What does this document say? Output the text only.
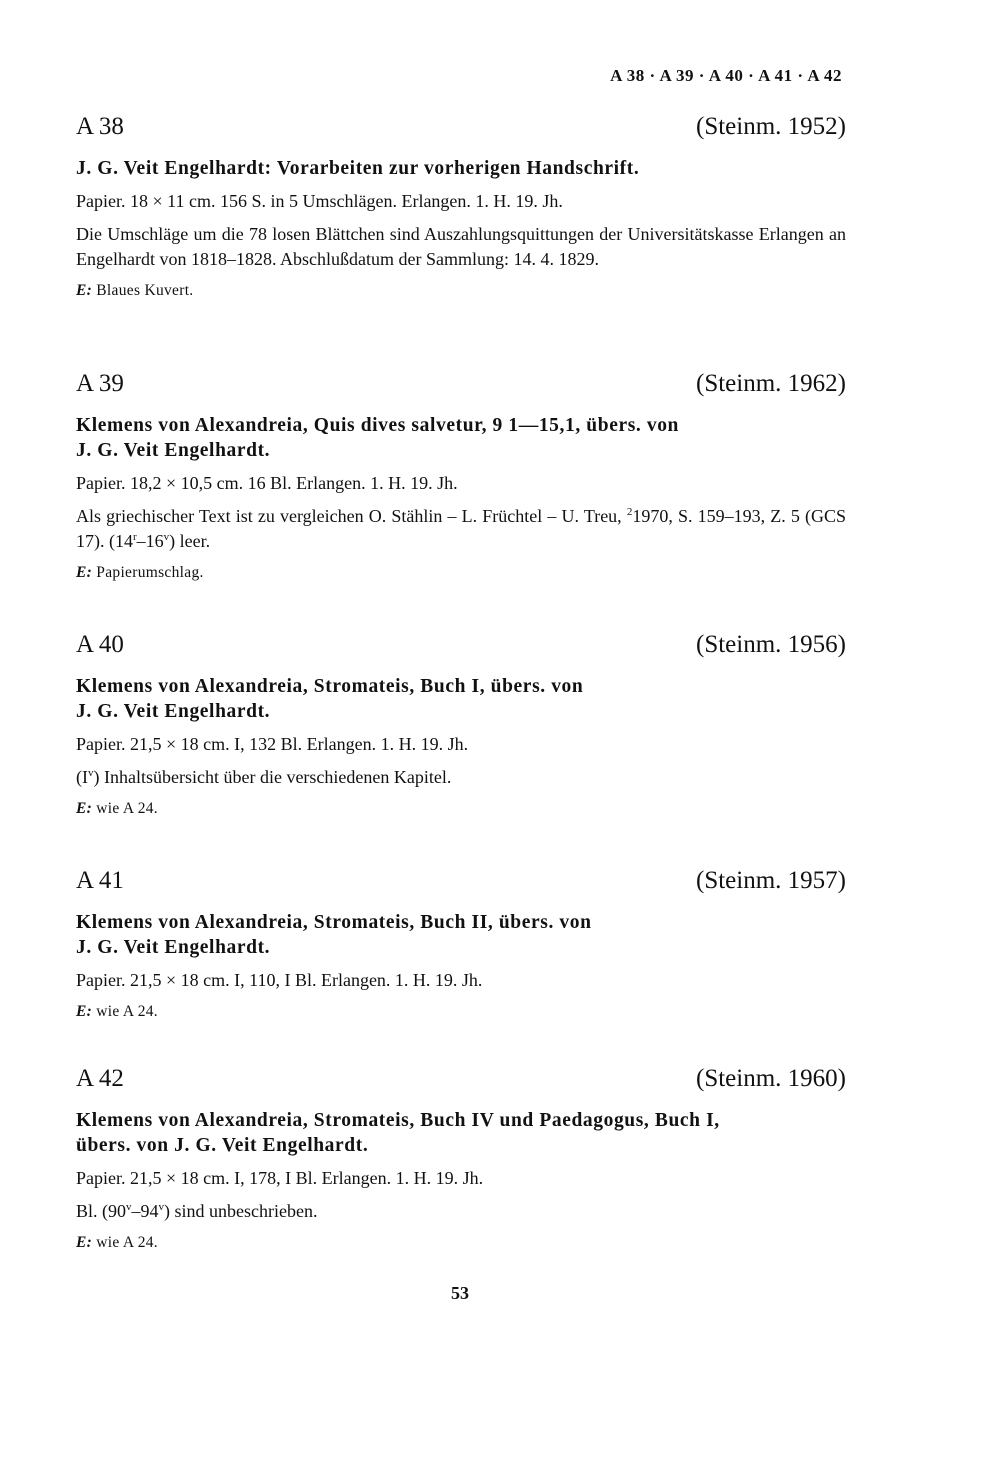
A 38 · A 39 · A 40 · A 41 · A 42
A 38	(Steinm. 1952)
J. G. Veit Engelhardt: Vorarbeiten zur vorherigen Handschrift.
Papier. 18 × 11 cm. 156 S. in 5 Umschlägen. Erlangen. 1. H. 19. Jh.
Die Umschläge um die 78 losen Blättchen sind Auszahlungsquittungen der Universitätskasse Erlangen an Engelhardt von 1818–1828. Abschlußdatum der Sammlung: 14. 4. 1829.
E: Blaues Kuvert.
A 39	(Steinm. 1962)
Klemens von Alexandreia, Quis dives salvetur, 9 1—15,1, übers. von
J. G. Veit Engelhardt.
Papier. 18,2 × 10,5 cm. 16 Bl. Erlangen. 1. H. 19. Jh.
Als griechischer Text ist zu vergleichen O. Stählin – L. Früchtel – U. Treu, $^2$1970, S. 159–193, Z. 5 (GCS 17). (14$^r$–16$^v$) leer.
E: Papierumschlag.
A 40	(Steinm. 1956)
Klemens von Alexandreia, Stromateis, Buch I, übers. von
J. G. Veit Engelhardt.
Papier. 21,5 × 18 cm. I, 132 Bl. Erlangen. 1. H. 19. Jh.
$(I^v)$ Inhaltsübersicht über die verschiedenen Kapitel.
E: wie A 24.
A 41	(Steinm. 1957)
Klemens von Alexandreia, Stromateis, Buch II, übers. von
J. G. Veit Engelhardt.
Papier. 21,5 × 18 cm. I, 110, I Bl. Erlangen. 1. H. 19. Jh.
E: wie A 24.
A 42	(Steinm. 1960)
Klemens von Alexandreia, Stromateis, Buch IV und Paedagogus, Buch I,
übers. von J. G. Veit Engelhardt.
Papier. 21,5 × 18 cm. I, 178, I Bl. Erlangen. 1. H. 19. Jh.
Bl. (90$^v$–94$^v$) sind unbeschrieben.
E: wie A 24.
53
